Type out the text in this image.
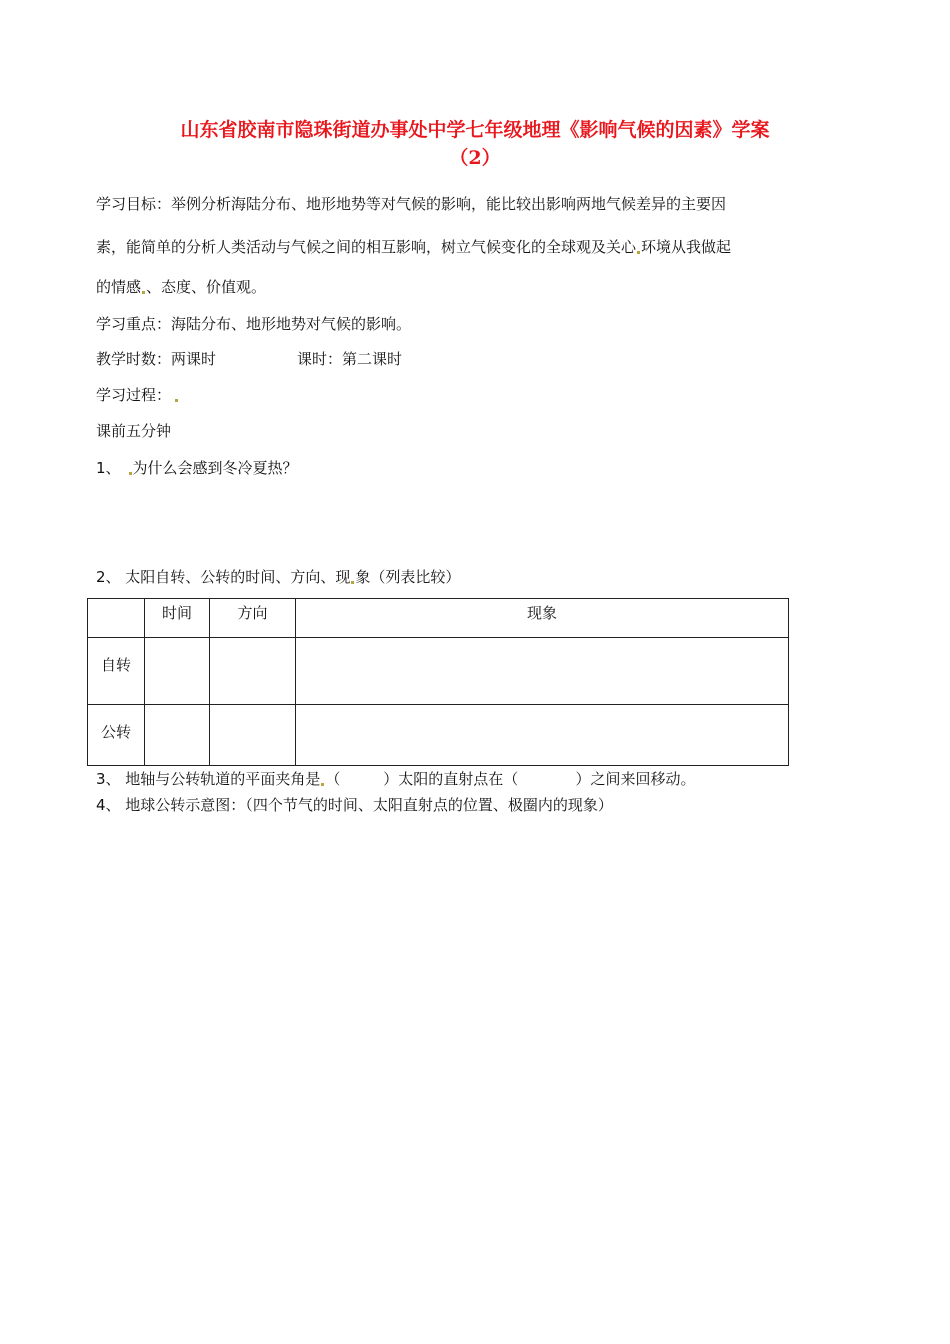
山东省胶南市隐珠街道办事处中学七年级地理《影响气候的因素》学案
（2）
学习目标：举例分析海陆分布、地形地势等对气候的影响，能比较出影响两地气候差异的主要因
素，能简单的分析人类活动与气候之间的相互影响，树立气候变化的全球观及关心 环境从我做起
的情感 、态度、价值观。
学习重点：海陆分布、地形地势对气候的影响。
教学时数：两课时	课时：第二课时
学习过程：
课前五分钟
1、 为什么会感到冬冷夏热？
2、 太阳自转、公转的时间、方向、现 象（列表比较）

	时间	方向	现象

自转			

公转			

3、 地轴与公转轨道的平面夹角是 （         ）太阳的直射点在（            ）之间来回移动。
4、 地球公转示意图：（四个节气的时间、太阳直射点的位置、极圈内的现象）
